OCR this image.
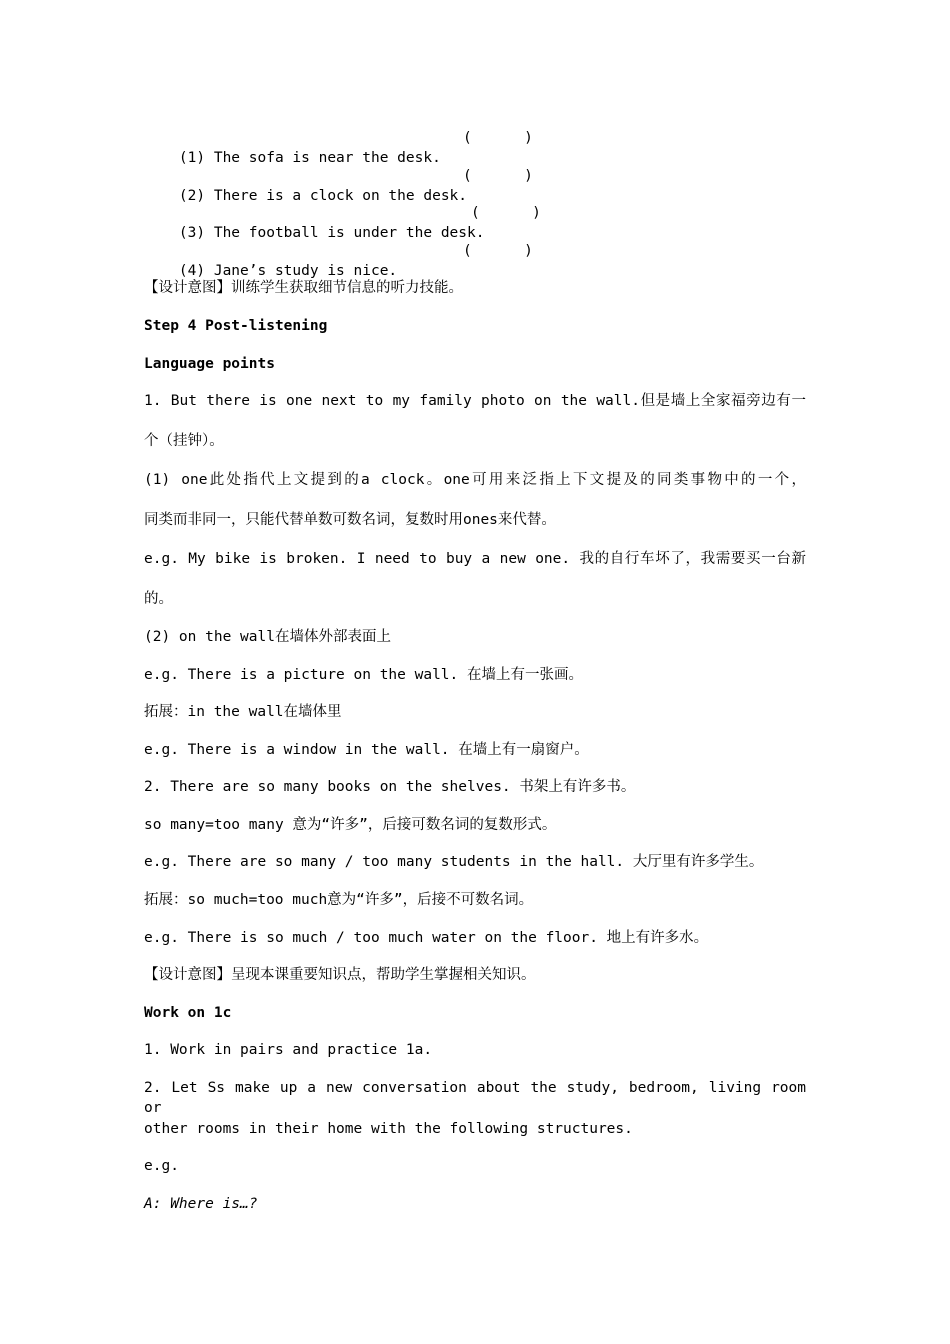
(1) The sofa is near the desk.

(      )

(2) There is a clock on the desk.

(      )

(3) The football is under the desk.

(      )

(4) Jane’s study is nice.

(      )
【设计意图】训练学生获取细节信息的听力技能。
Step 4 Post-listening
Language points
1. But there is one next to my family photo on the wall.但是墙上全家福旁边有一
个（挂钟）。
(1) one此处指代上文提到的a clock。one可用来泛指上下文提及的同类事物中的一个，
同类而非同一，只能代替单数可数名词，复数时用ones来代替。
e.g. My bike is broken. I need to buy a new one. 我的自行车坏了，我需要买一台新
的。
(2) on the wall在墙体外部表面上
e.g. There is a picture on the wall. 在墙上有一张画。
拓展：in the wall在墙体里
e.g. There is a window in the wall. 在墙上有一扇窗户。
2. There are so many books on the shelves. 书架上有许多书。
so many=too many 意为“许多”，后接可数名词的复数形式。
e.g. There are so many / too many students in the hall. 大厅里有许多学生。
拓展：so much=too much意为“许多”，后接不可数名词。
e.g. There is so much / too much water on the floor. 地上有许多水。
【设计意图】呈现本课重要知识点，帮助学生掌握相关知识。
Work on 1c
1. Work in pairs and practice 1a.
2. Let Ss make up a new conversation about the study, bedroom, living room or
other rooms in their home with the following structures.
e.g.
A: Where is…?
